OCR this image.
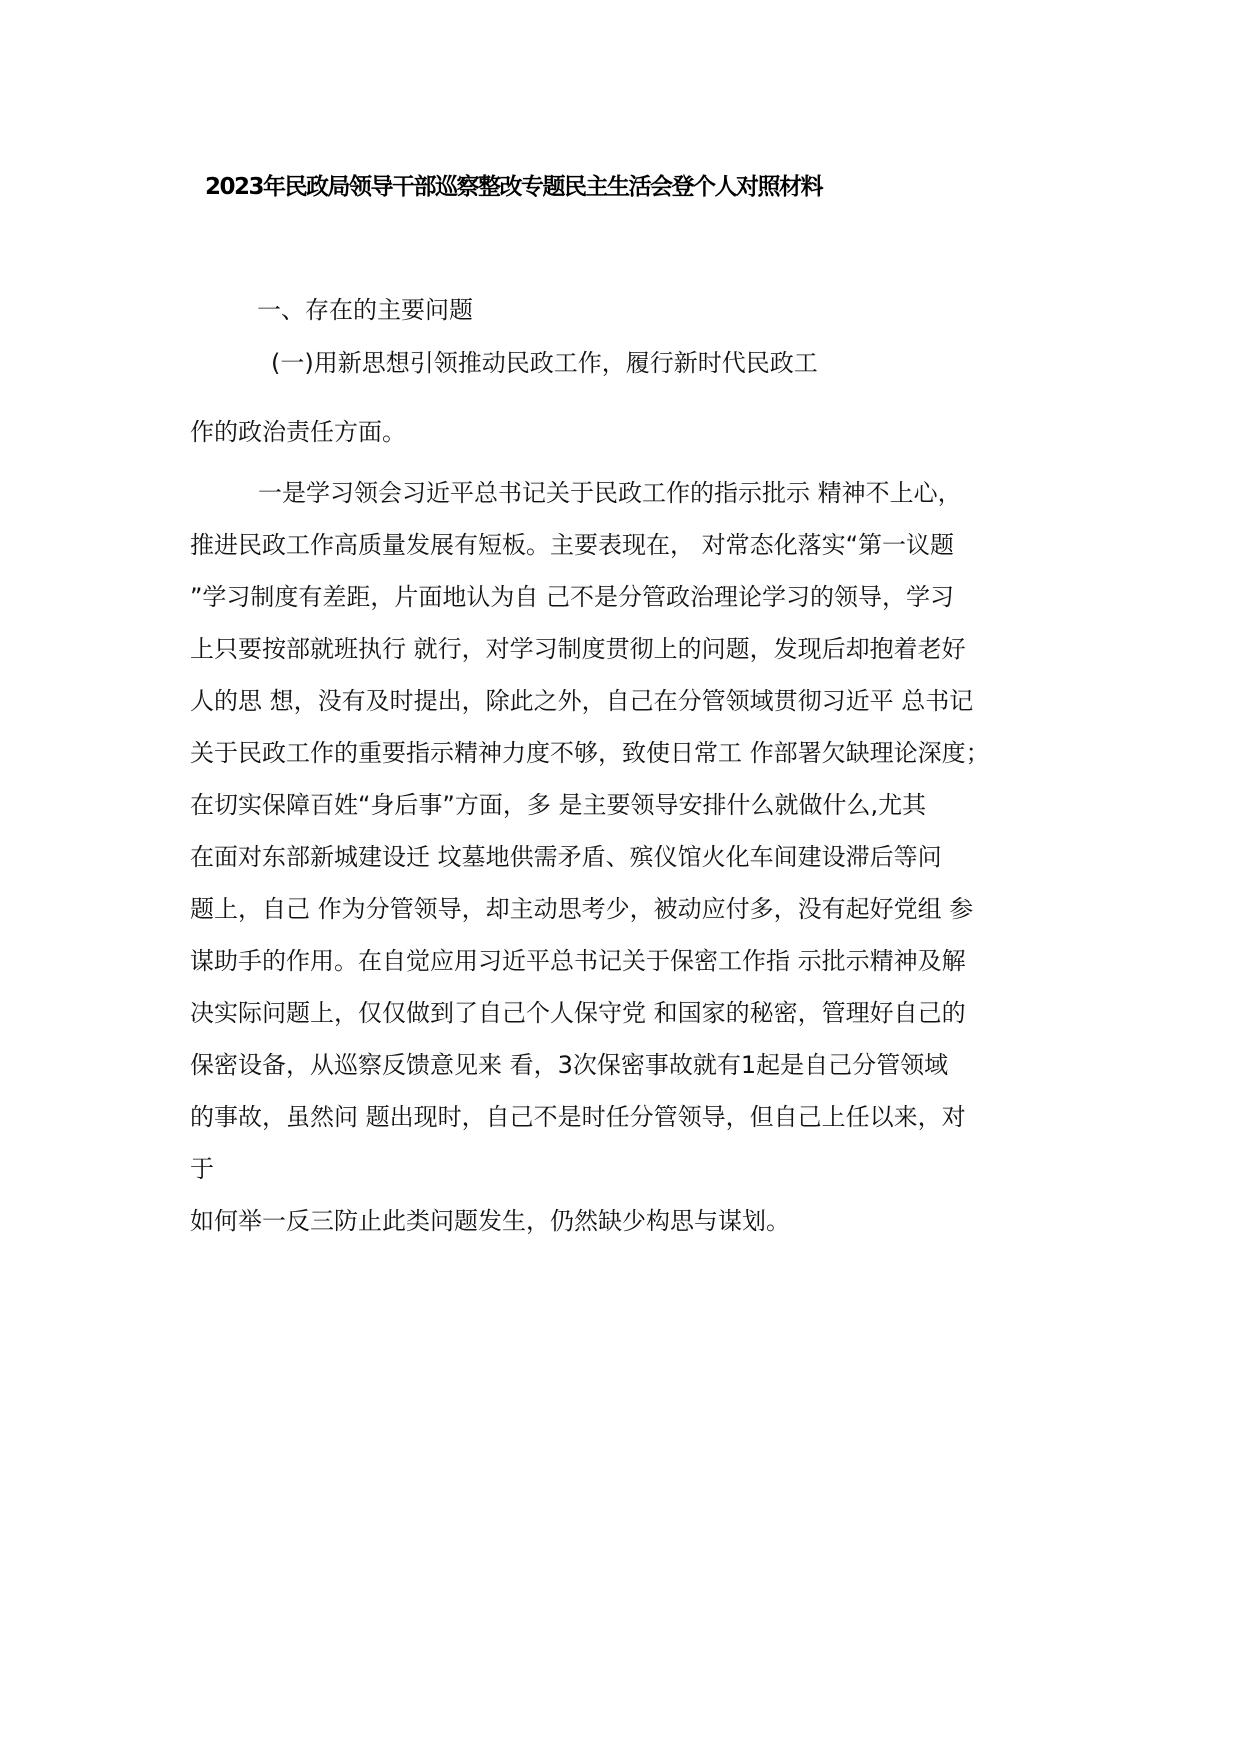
2023年民政局领导干部巡察整改专题民主生活会登个人对照材料
一、存在的主要问题
(一)用新思想引领推动民政工作，履行新时代民政工
作的政治责任方面。
一是学习领会习近平总书记关于民政工作的指示批示 精神不上心，
推进民政工作高质量发展有短板。主要表现在， 对常态化落实“第一议题
”学习制度有差距，片面地认为自 己不是分管政治理论学习的领导，学习
上只要按部就班执行 就行，对学习制度贯彻上的问题，发现后却抱着老好
人的思 想，没有及时提出，除此之外，自己在分管领域贯彻习近平 总书记
关于民政工作的重要指示精神力度不够，致使日常工 作部署欠缺理论深度；
在切实保障百姓“身后事”方面，多 是主要领导安排什么就做什么,尤其
在面对东部新城建设迁 坟墓地供需矛盾、殡仪馆火化车间建设滞后等问
题上，自己 作为分管领导，却主动思考少，被动应付多，没有起好党组 参
谋助手的作用。在自觉应用习近平总书记关于保密工作指 示批示精神及解
决实际问题上，仅仅做到了自己个人保守党 和国家的秘密，管理好自己的
保密设备，从巡察反馈意见来 看，3次保密事故就有1起是自己分管领域
的事故，虽然问 题出现时，自己不是时任分管领导，但自己上任以来，对
于
如何举一反三防止此类问题发生，仍然缺少构思与谋划。
